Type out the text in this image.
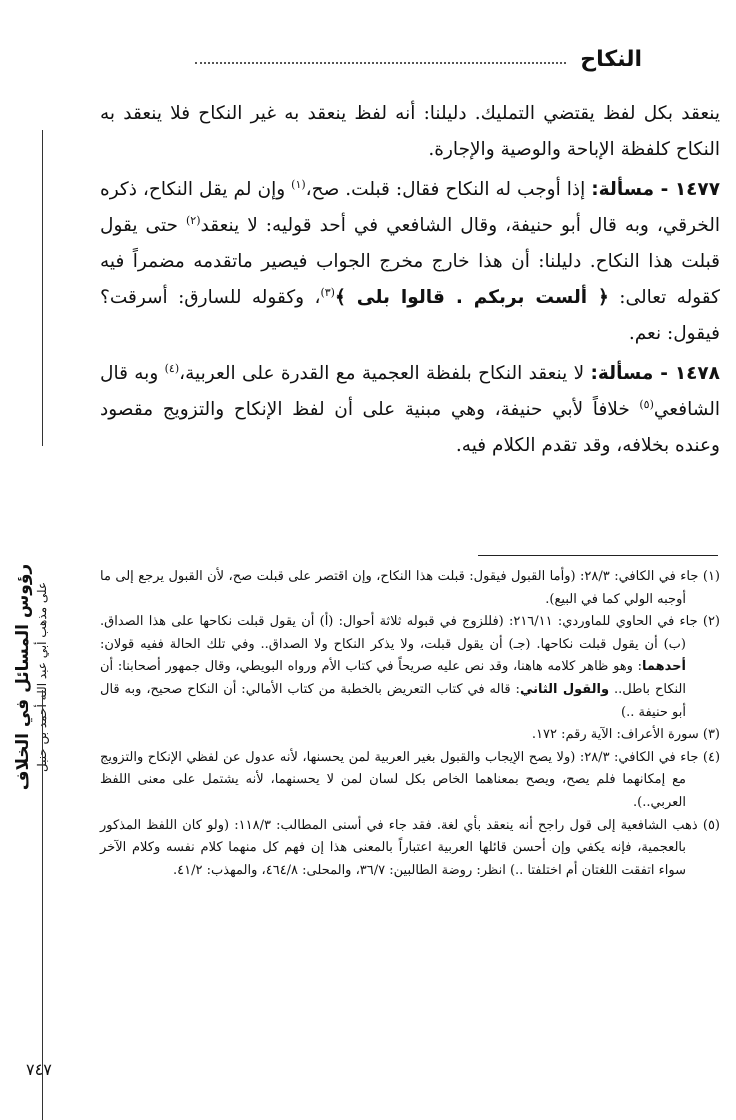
النكاح

ينعقد بكل لفظ يقتضي التمليك. دليلنا: أنه لفظ ينعقد به غير النكاح فلا ينعقد به النكاح كلفظة الإباحة والوصية والإجارة.

١٤٧٧ - مسألة: إذا أوجب له النكاح فقال: قبلت. صح،$^{(١)}$ وإن لم يقل النكاح، ذكره الخرقي، وبه قال أبو حنيفة، وقال الشافعي في أحد قوليه: لا ينعقد$^{(٢)}$ حتى يقول قبلت هذا النكاح. دليلنا: أن هذا خارج مخرج الجواب فيصير ماتقدمه مضمراً فيه كقوله تعالى: ﴿ ألست بربكم . قالوا بلى ﴾$^{(٣)}$، وكقوله للسارق: أسرقت؟ فيقول: نعم.

١٤٧٨ - مسألة: لا ينعقد النكاح بلفظة العجمية مع القدرة على العربية،$^{(٤)}$ وبه قال الشافعي$^{(٥)}$ خلافاً لأبي حنيفة، وهي مبنية على أن لفظ الإنكاح والتزويج مقصود وعنده بخلافه، وقد تقدم الكلام فيه.

(١) جاء في الكافي: ٢٨/٣: (وأما القبول فيقول: قبلت هذا النكاح، وإن اقتصر على قبلت صح، لأن القبول يرجع إلى ما أوجبه الولي كما في البيع).

(٢) جاء في الحاوي للماوردي: ٢١٦/١١: (فللزوج في قبوله ثلاثة أحوال: (أ) أن يقول قبلت نكاحها على هذا الصداق. (ب) أن يقول قبلت نكاحها. (جـ) أن يقول قبلت، ولا يذكر النكاح ولا الصداق.. وفي تلك الحالة ففيه قولان: أحدهما: وهو ظاهر كلامه هاهنا، وقد نص عليه صريحاً في كتاب الأم ورواه البويطي، وقال جمهور أصحابنا: أن النكاح باطل.. والقول الثاني: قاله في كتاب التعريض بالخطبة من كتاب الأمالي: أن النكاح صحيح، وبه قال أبو حنيفة ..)

(٣) سورة الأعراف: الآية رقم: ١٧٢.

(٤) جاء في الكافي: ٢٨/٣: (ولا يصح الإيجاب والقبول بغير العربية لمن يحسنها، لأنه عدول عن لفظي الإنكاح والتزويج مع إمكانهما فلم يصح، ويصح بمعناهما الخاص بكل لسان لمن لا يحسنهما، لأنه يشتمل على معنى اللفظ العربي..).

(٥) ذهب الشافعية إلى قول راجح أنه ينعقد بأي لغة. فقد جاء في أسنى المطالب: ١١٨/٣: (ولو كان اللفظ المذكور بالعجمية، فإنه يكفي وإن أحسن قائلها العربية اعتباراً بالمعنى هذا إن فهم كل منهما كلام نفسه وكلام الآخر سواء اتفقت اللغتان أم اختلفتا ..) انظر: روضة الطالبين: ٣٦/٧، والمحلى: ٤٦٤/٨، والمهذب: ٤١/٢.

رؤوس المسائل في الخلاف على مذهب أبي عبد الله أحمد بن حنبل
٧٤٧
